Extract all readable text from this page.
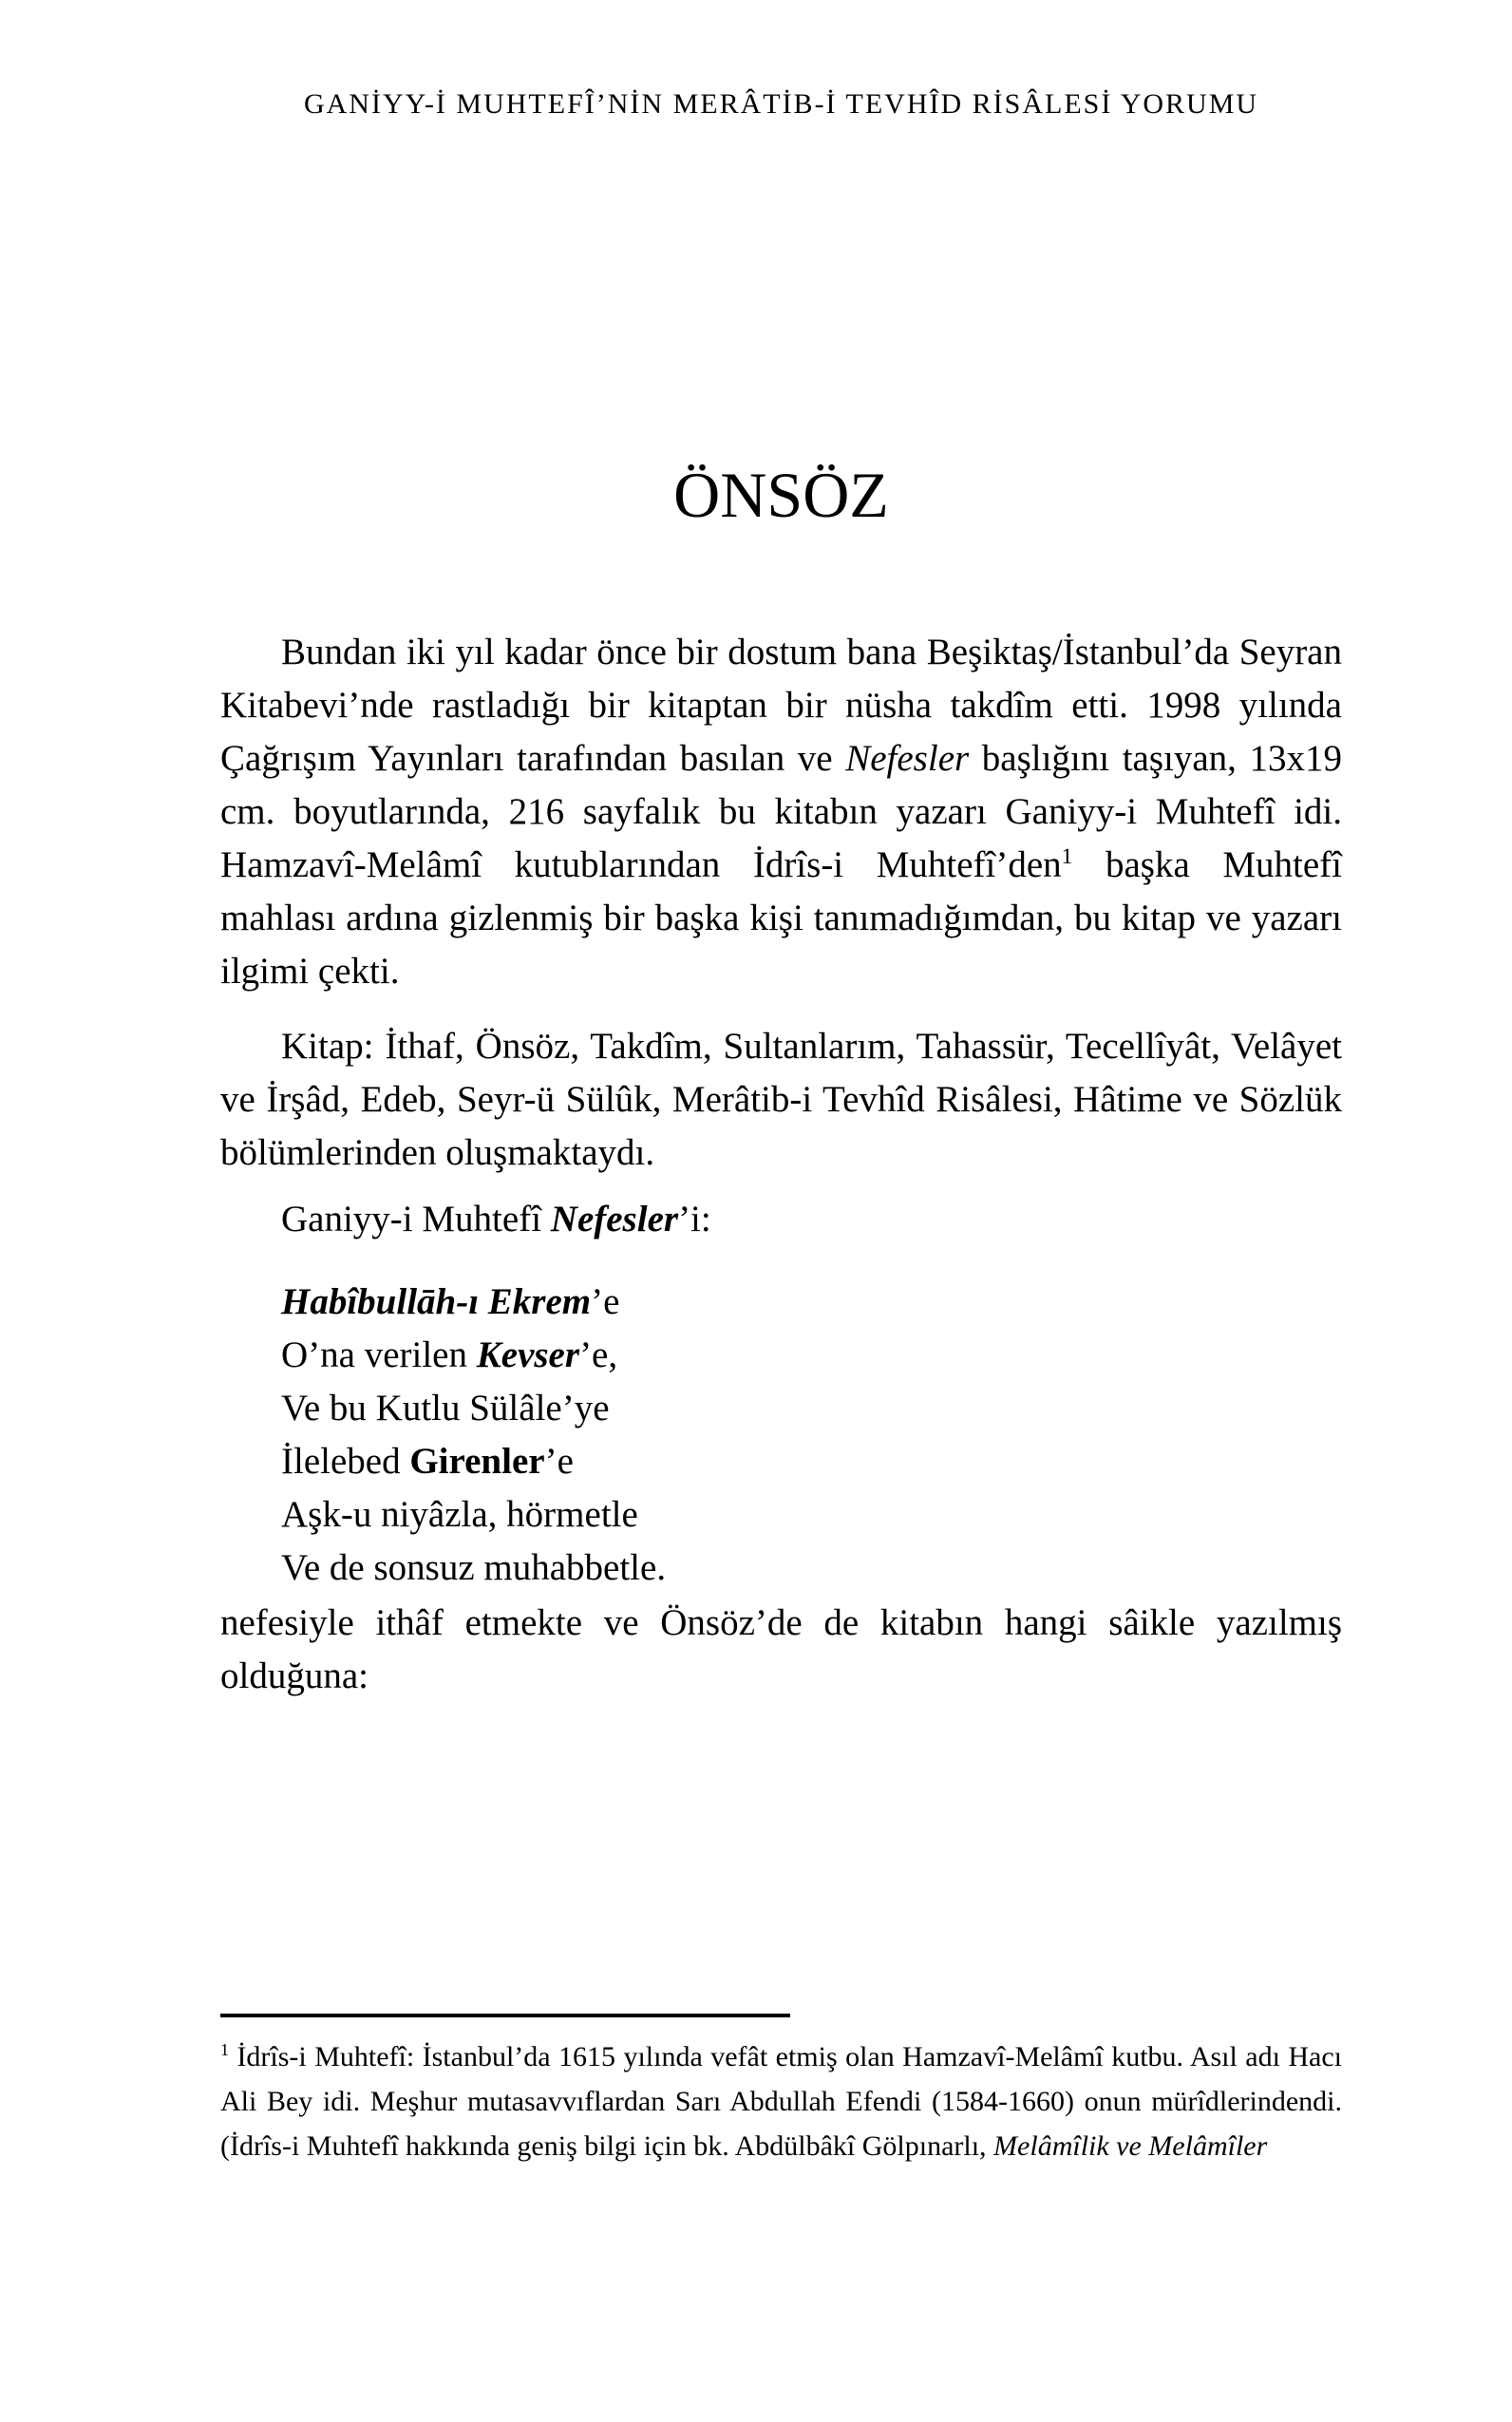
GANİYY-İ MUHTEFÎ’NİN MERÂTİB-İ TEVHÎD RİSÂLESİ YORUMU
ÖNSÖZ

Bundan iki yıl kadar önce bir dostum bana Beşiktaş/İstanbul’da Seyran Kitabevi’nde rastladığı bir kitaptan bir nüsha takdîm etti. 1998 yılında Çağrışım Yayınları tarafından basılan ve Nefesler başlığını taşıyan, 13x19 cm. boyutlarında, 216 sayfalık bu kitabın yazarı Ganiyy-i Muhtefî idi. Hamzavî-Melâmî kutublarından İdrîs-i Muhtefî’den$^1$ başka Muhtefî mahlası ardına gizlenmiş bir başka kişi tanımadığımdan, bu kitap ve yazarı ilgimi çekti.

Kitap: İthaf, Önsöz, Takdîm, Sultanlarım, Tahassür, Tecellîyât, Velâyet ve İrşâd, Edeb, Seyr-ü Sülûk, Merâtib-i Tevhîd Risâlesi, Hâtime ve Sözlük bölümlerinden oluşmaktaydı.

Ganiyy-i Muhtefî Nefesler’i:

Habîbullāh-ı Ekrem’e
O’na verilen Kevser’e,
Ve bu Kutlu Sülâle’ye
İlelebed Girenler’e
Aşk-u niyâzla, hörmetle
Ve de sonsuz muhabbetle.

nefesiyle ithâf etmekte ve Önsöz’de de kitabın hangi sâikle yazılmış olduğuna:

$^1$ İdrîs-i Muhtefî: İstanbul’da 1615 yılında vefât etmiş olan Hamzavî-Melâmî kutbu. Asıl adı Hacı Ali Bey idi. Meşhur mutasavvıflardan Sarı Abdullah Efendi (1584-1660) onun mürîdlerindendi. (İdrîs-i Muhtefî hakkında geniş bilgi için bk. Abdülbâkî Gölpınarlı, Melâmîlik ve Melâmîler
